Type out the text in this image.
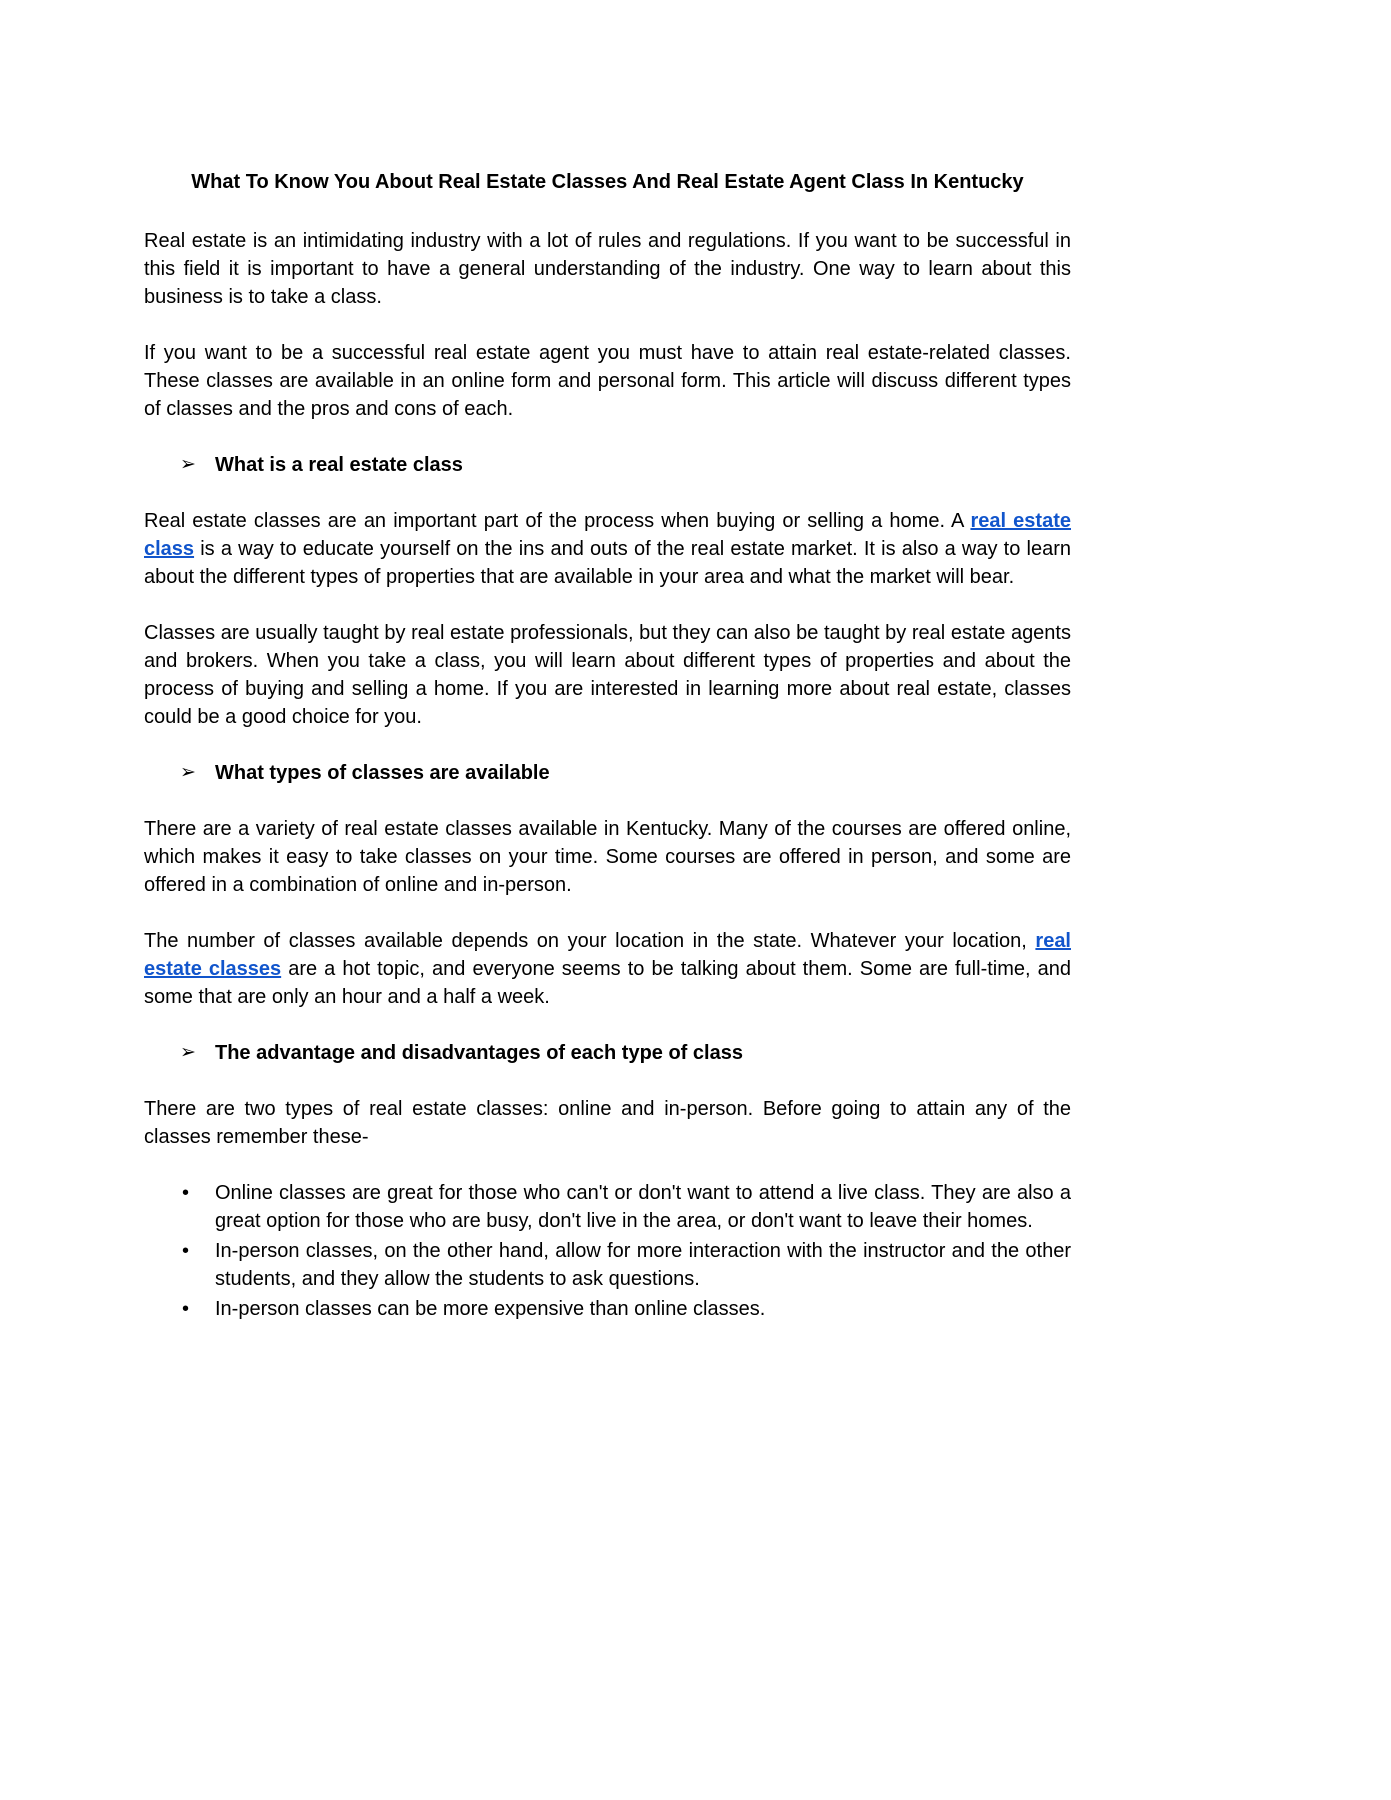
What To Know You About Real Estate Classes And Real Estate Agent Class In Kentucky

Real estate is an intimidating industry with a lot of rules and regulations. If you want to be successful in this field it is important to have a general understanding of the industry. One way to learn about this business is to take a class.

If you want to be a successful real estate agent you must have to attain real estate-related classes. These classes are available in an online form and personal form. This article will discuss different types of classes and the pros and cons of each.

➢ What is a real estate class

Real estate classes are an important part of the process when buying or selling a home. A real estate class is a way to educate yourself on the ins and outs of the real estate market. It is also a way to learn about the different types of properties that are available in your area and what the market will bear.

Classes are usually taught by real estate professionals, but they can also be taught by real estate agents and brokers. When you take a class, you will learn about different types of properties and about the process of buying and selling a home. If you are interested in learning more about real estate, classes could be a good choice for you.

➢ What types of classes are available

There are a variety of real estate classes available in Kentucky. Many of the courses are offered online, which makes it easy to take classes on your time. Some courses are offered in person, and some are offered in a combination of online and in-person.

The number of classes available depends on your location in the state. Whatever your location, real estate classes are a hot topic, and everyone seems to be talking about them. Some are full-time, and some that are only an hour and a half a week.

➢ The advantage and disadvantages of each type of class

There are two types of real estate classes: online and in-person. Before going to attain any of the classes remember these-

• Online classes are great for those who can't or don't want to attend a live class. They are also a great option for those who are busy, don't live in the area, or don't want to leave their homes.
• In-person classes, on the other hand, allow for more interaction with the instructor and the other students, and they allow the students to ask questions.
• In-person classes can be more expensive than online classes.
